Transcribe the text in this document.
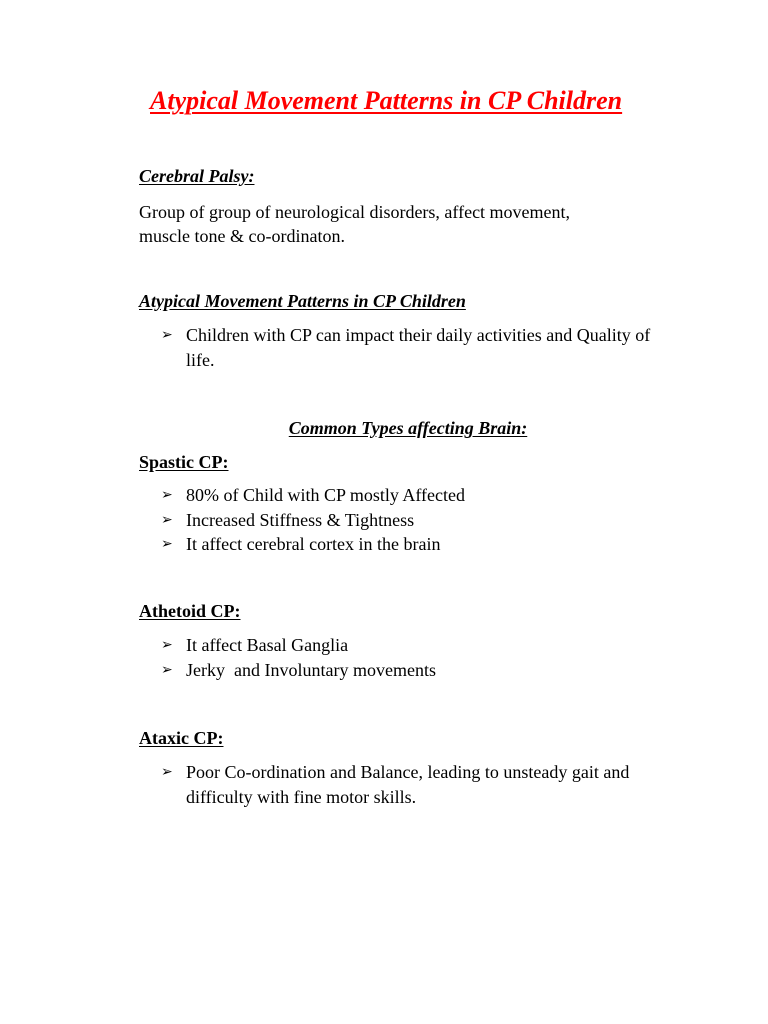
Atypical Movement Patterns in CP Children
Cerebral Palsy:
Group of group of neurological disorders, affect movement,
muscle tone & co-ordinaton.
Atypical Movement Patterns in CP Children
➢ Children with CP can impact their daily activities and Quality of life.
Common Types affecting Brain:
Spastic CP:
➢ 80% of Child with CP mostly Affected
➢ Increased Stiffness & Tightness
➢ It affect cerebral cortex in the brain
Athetoid CP:
➢ It affect Basal Ganglia
➢ Jerky  and Involuntary movements
Ataxic CP:
➢ Poor Co-ordination and Balance, leading to unsteady gait and difficulty with fine motor skills.
